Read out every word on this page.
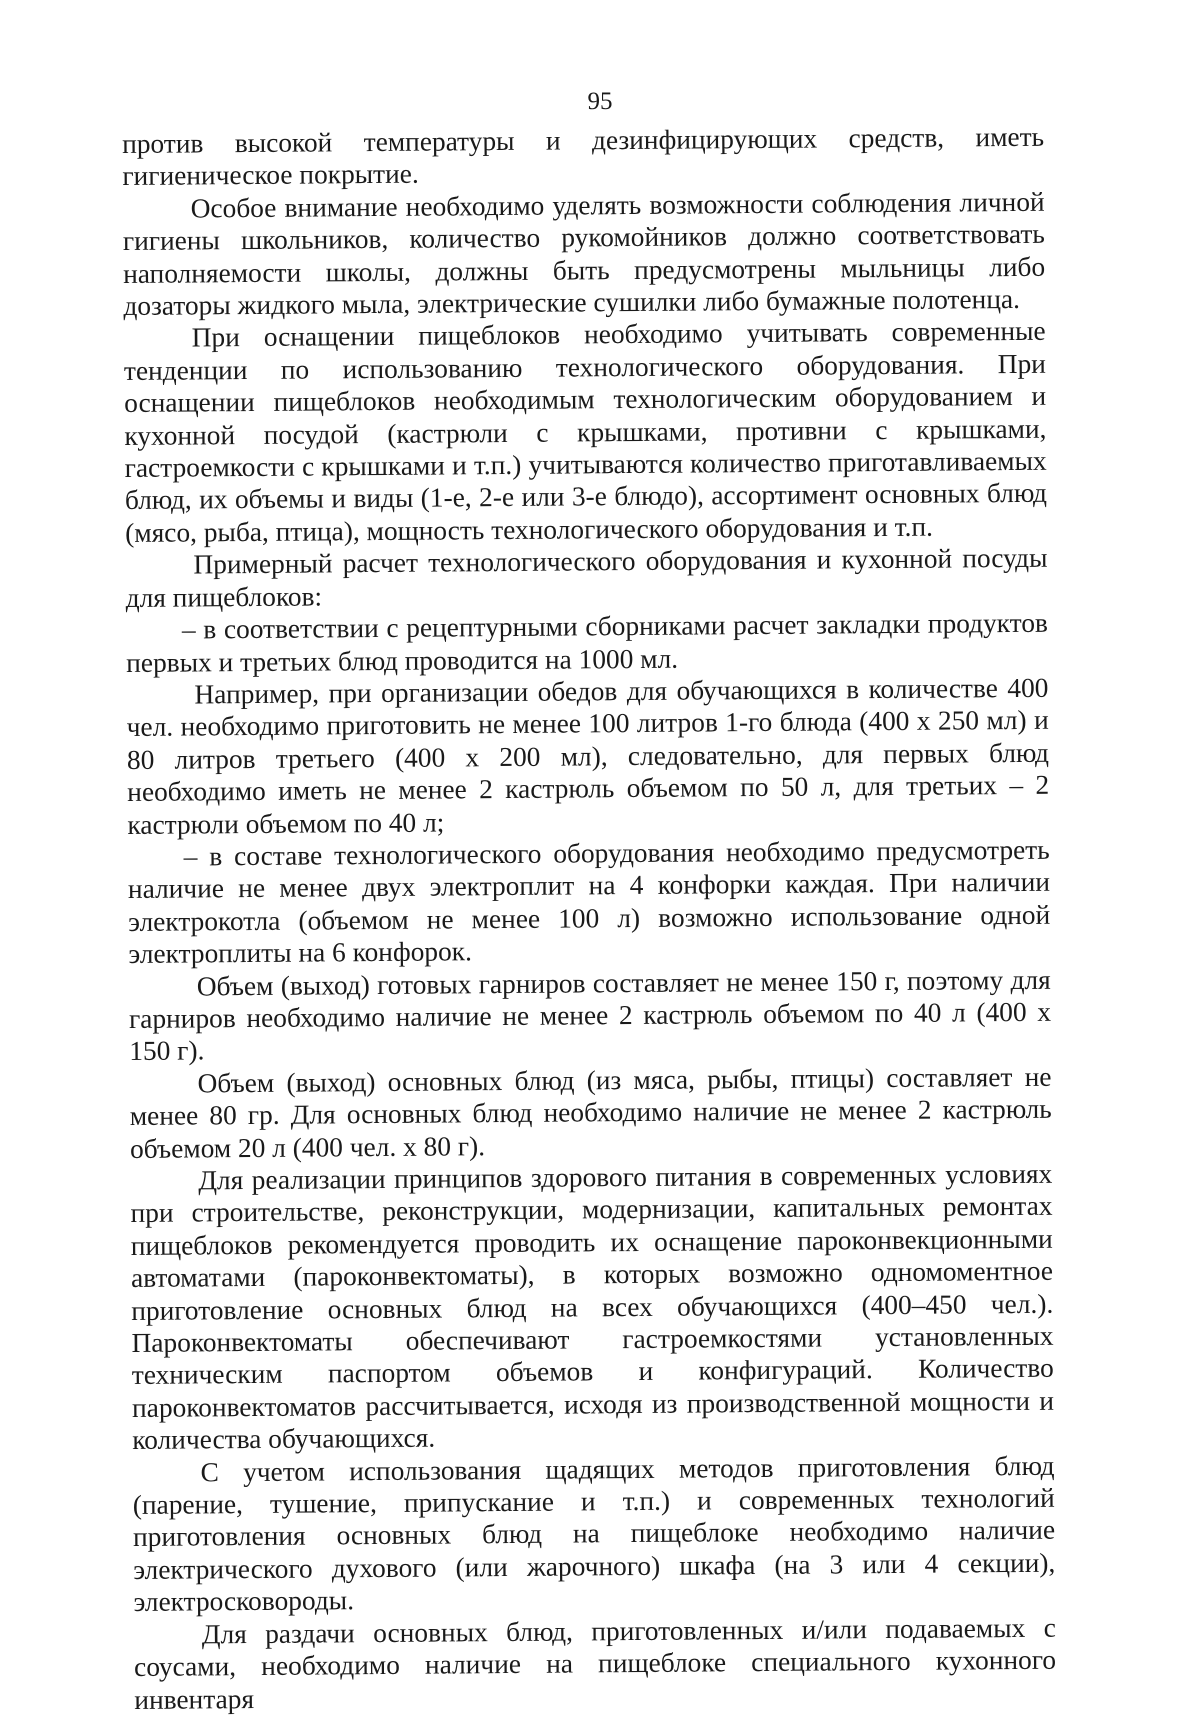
95

против высокой температуры и дезинфицирующих средств, иметь гигиеническое покрытие.

Особое внимание необходимо уделять возможности соблюдения личной гигиены школьников, количество рукомойников должно соответствовать наполняемости школы, должны быть предусмотрены мыльницы либо дозаторы жидкого мыла, электрические сушилки либо бумажные полотенца.

При оснащении пищеблоков необходимо учитывать современные тенденции по использованию технологического оборудования. При оснащении пищеблоков необходимым технологическим оборудованием и кухонной посудой (кастрюли с крышками, противни с крышками, гастроемкости с крышками и т.п.) учитываются количество приготавливаемых блюд, их объемы и виды (1-е, 2-е или 3-е блюдо), ассортимент основных блюд (мясо, рыба, птица), мощность технологического оборудования и т.п.

Примерный расчет технологического оборудования и кухонной посуды для пищеблоков:

– в соответствии с рецептурными сборниками расчет закладки продуктов первых и третьих блюд проводится на 1000 мл.

Например, при организации обедов для обучающихся в количестве 400 чел. необходимо приготовить не менее 100 литров 1-го блюда (400 х 250 мл) и 80 литров третьего (400 х 200 мл), следовательно, для первых блюд необходимо иметь не менее 2 кастрюль объемом по 50 л, для третьих – 2 кастрюли объемом по 40 л;

– в составе технологического оборудования необходимо предусмотреть наличие не менее двух электроплит на 4 конфорки каждая. При наличии электрокотла (объемом не менее 100 л) возможно использование одной электроплиты на 6 конфорок.

Объем (выход) готовых гарниров составляет не менее 150 г, поэтому для гарниров необходимо наличие не менее 2 кастрюль объемом по 40 л (400 х 150 г).

Объем (выход) основных блюд (из мяса, рыбы, птицы) составляет не менее 80 гр. Для основных блюд необходимо наличие не менее 2 кастрюль объемом 20 л (400 чел. х 80 г).

Для реализации принципов здорового питания в современных условиях при строительстве, реконструкции, модернизации, капитальных ремонтах пищеблоков рекомендуется проводить их оснащение пароконвекционными автоматами (пароконвектоматы), в которых возможно одномоментное приготовление основных блюд на всех обучающихся (400–450 чел.). Пароконвектоматы обеспечивают гастроемкостями установленных техническим паспортом объемов и конфигураций. Количество пароконвектоматов рассчитывается, исходя из производственной мощности и количества обучающихся.

С учетом использования щадящих методов приготовления блюд (парение, тушение, припускание и т.п.) и современных технологий приготовления основных блюд на пищеблоке необходимо наличие электрического духового (или жарочного) шкафа (на 3 или 4 секции), электросковороды.

Для раздачи основных блюд, приготовленных и/или подаваемых с соусами, необходимо наличие на пищеблоке специального кухонного инвентаря
